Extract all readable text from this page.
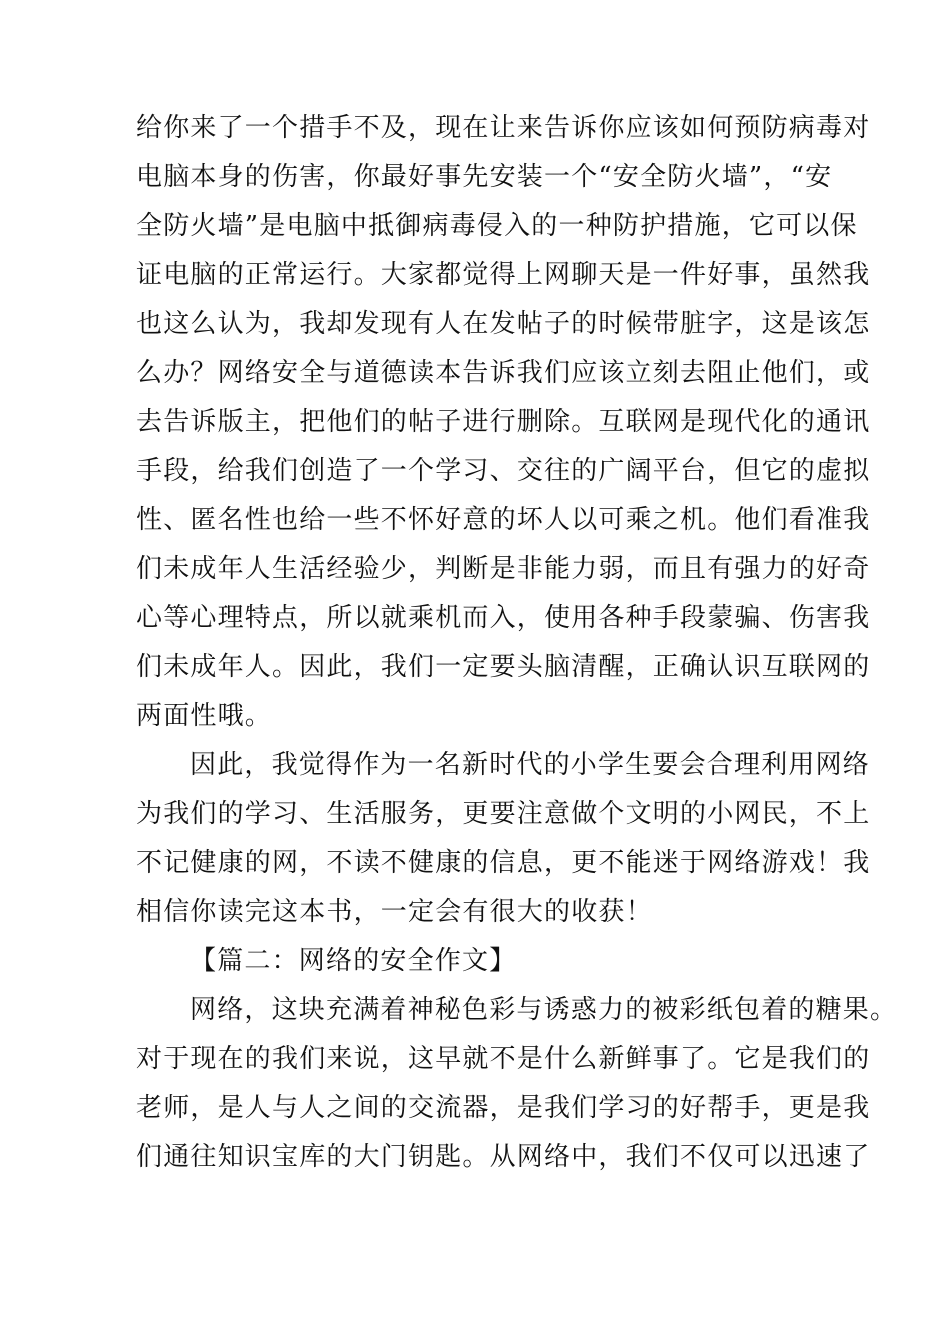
给你来了一个措手不及，现在让来告诉你应该如何预防病毒对
电脑本身的伤害，你最好事先安装一个“安全防火墙”，“安
全防火墙”是电脑中抵御病毒侵入的一种防护措施，它可以保
证电脑的正常运行。大家都觉得上网聊天是一件好事，虽然我
也这么认为，我却发现有人在发帖子的时候带脏字，这是该怎
么办？网络安全与道德读本告诉我们应该立刻去阻止他们，或
去告诉版主，把他们的帖子进行删除。互联网是现代化的通讯
手段，给我们创造了一个学习、交往的广阔平台，但它的虚拟
性、匿名性也给一些不怀好意的坏人以可乘之机。他们看准我
们未成年人生活经验少，判断是非能力弱，而且有强力的好奇
心等心理特点，所以就乘机而入，使用各种手段蒙骗、伤害我
们未成年人。因此，我们一定要头脑清醒，正确认识互联网的
两面性哦。
因此，我觉得作为一名新时代的小学生要会合理利用网络
为我们的学习、生活服务，更要注意做个文明的小网民，不上
不记健康的网，不读不健康的信息，更不能迷于网络游戏！我
相信你读完这本书，一定会有很大的收获！
【篇二：网络的安全作文】
网络，这块充满着神秘色彩与诱惑力的被彩纸包着的糖果。
对于现在的我们来说，这早就不是什么新鲜事了。它是我们的
老师，是人与人之间的交流器，是我们学习的好帮手，更是我
们通往知识宝库的大门钥匙。从网络中，我们不仅可以迅速了
